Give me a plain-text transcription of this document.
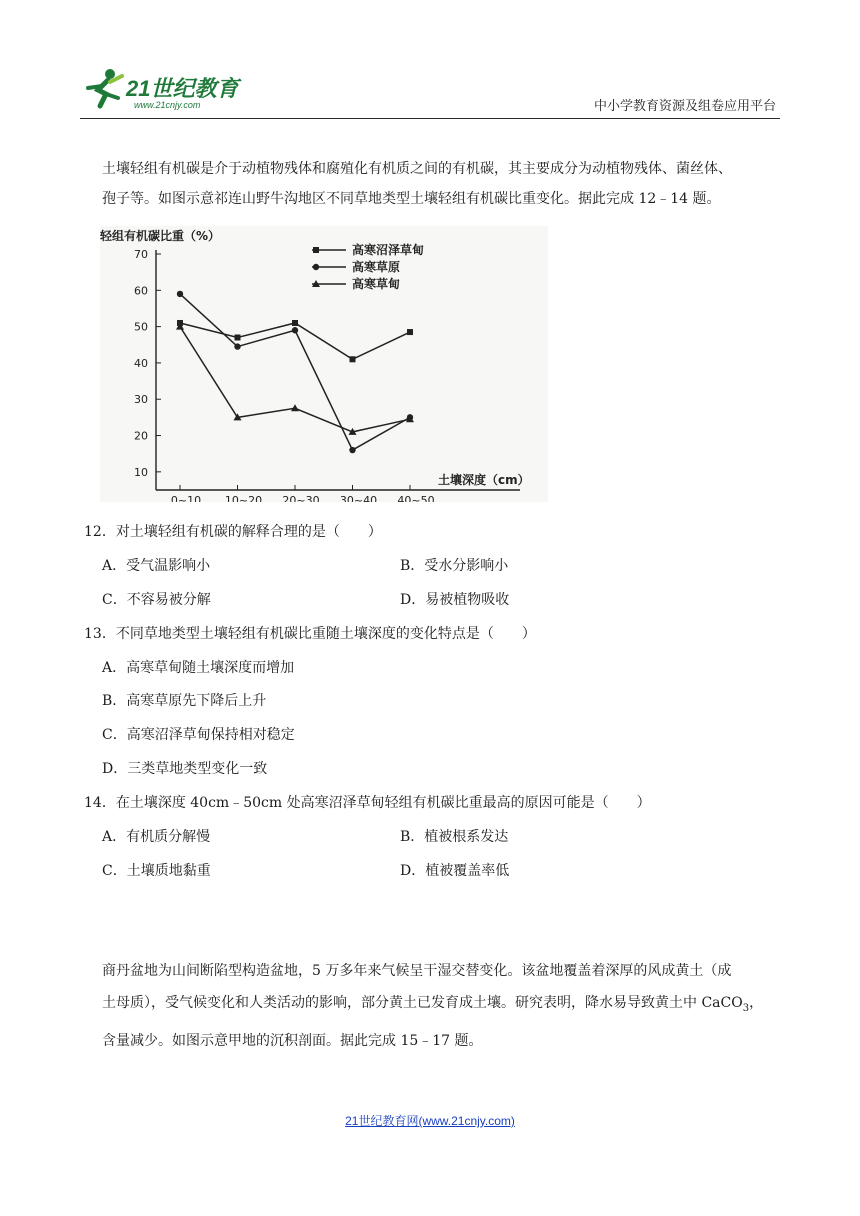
21世纪教育
www.21cnjy.com	中小学教育资源及组卷应用平台
土壤轻组有机碳是介于动植物残体和腐殖化有机质之间的有机碳，其主要成分为动植物残体、菌丝体、
孢子等。如图示意祁连山野牛沟地区不同草地类型土壤轻组有机碳比重变化。据此完成 12﹣14 题。
轻组有机碳比重（%）
10
20
30
40
50
60
70
0~10 10~20 20~30 30~40 40~50
土壤深度（cm）
高寒沼泽草甸
高寒草原
高寒草甸
12．对土壤轻组有机碳的解释合理的是（　　）
A．受气温影响小	B．受水分影响小
C．不容易被分解	D．易被植物吸收
13．不同草地类型土壤轻组有机碳比重随土壤深度的变化特点是（　　）
A．高寒草甸随土壤深度而增加
B．高寒草原先下降后上升
C．高寒沼泽草甸保持相对稳定
D．三类草地类型变化一致
14．在土壤深度 40cm﹣50cm 处高寒沼泽草甸轻组有机碳比重最高的原因可能是（　　）
A．有机质分解慢	B．植被根系发达
C．土壤质地黏重	D．植被覆盖率低
商丹盆地为山间断陷型构造盆地，5 万多年来气候呈干湿交替变化。该盆地覆盖着深厚的风成黄土（成
土母质），受气候变化和人类活动的影响，部分黄土已发育成土壤。研究表明，降水易导致黄土中 CaCO$_3$，
含量减少。如图示意甲地的沉积剖面。据此完成 15﹣17 题。
21世纪教育网(www.21cnjy.com)
